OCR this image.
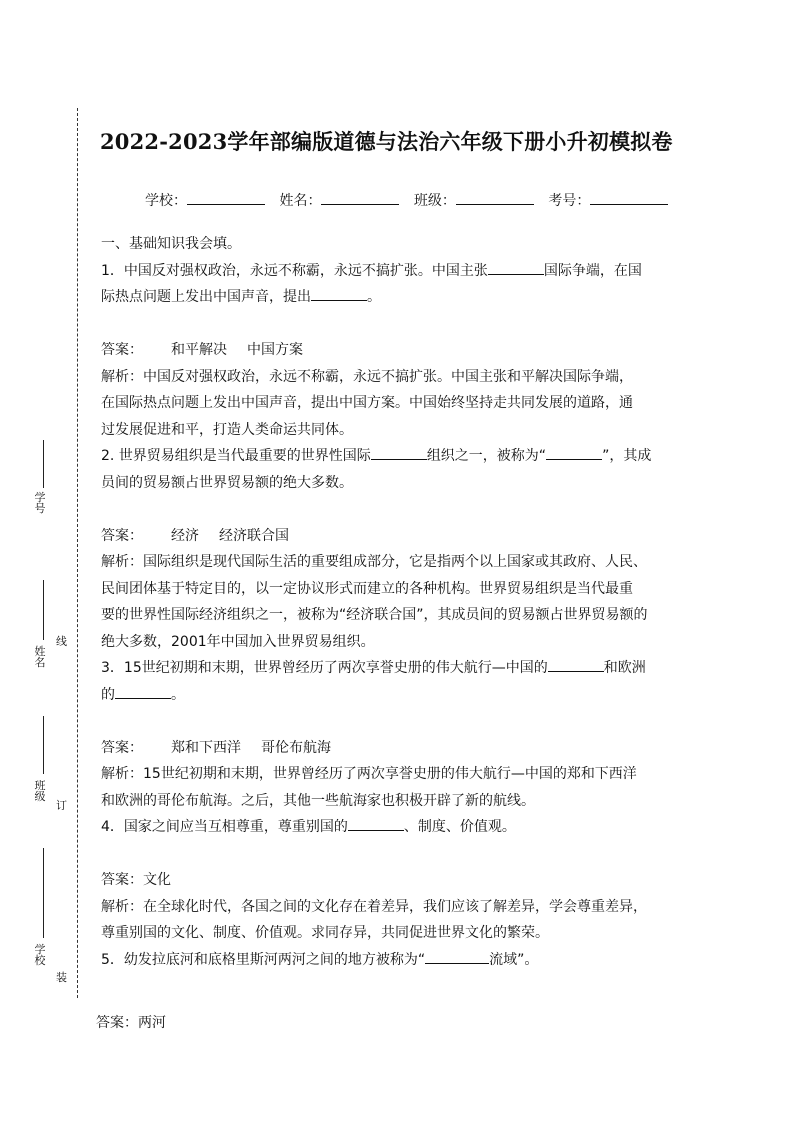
学号
姓名
线
班级
订
学校
装
2022-2023学年部编版道德与法治六年级下册小升初模拟卷
学校：	姓名：	班级：	考号：

一、基础知识我会填。

1．中国反对强权政治，永远不称霸，永远不搞扩张。中国主张	国际争端，在国

际热点问题上发出中国声音，提出	。

答案： 和平解决 中国方案

解析：中国反对强权政治，永远不称霸，永远不搞扩张。中国主张和平解决国际争端，

在国际热点问题上发出中国声音，提出中国方案。中国始终坚持走共同发展的道路，通

过发展促进和平，打造人类命运共同体。

2. 世界贸易组织是当代最重要的世界性国际	组织之一，被称为“	”，其成

员间的贸易额占世界贸易额的绝大多数。

答案： 经济 经济联合国

解析：国际组织是现代国际生活的重要组成部分，它是指两个以上国家或其政府、人民、

民间团体基于特定目的，以一定协议形式而建立的各种机构。世界贸易组织是当代最重

要的世界性国际经济组织之一，被称为“经济联合国”，其成员间的贸易额占世界贸易额的

绝大多数，2001年中国加入世界贸易组织。

3．15世纪初期和末期，世界曾经历了两次享誉史册的伟大航行—中国的	和欧洲

的	。

答案： 郑和下西洋 哥伦布航海

解析：15世纪初期和末期，世界曾经历了两次享誉史册的伟大航行—中国的郑和下西洋

和欧洲的哥伦布航海。之后，其他一些航海家也积极开辟了新的航线。

4．国家之间应当互相尊重，尊重别国的	、制度、价值观。

答案：文化

解析：在全球化时代，各国之间的文化存在着差异，我们应该了解差异，学会尊重差异，

尊重别国的文化、制度、价值观。求同存异，共同促进世界文化的繁荣。

5．幼发拉底河和底格里斯河两河之间的地方被称为“	流域”。

答案：两河
